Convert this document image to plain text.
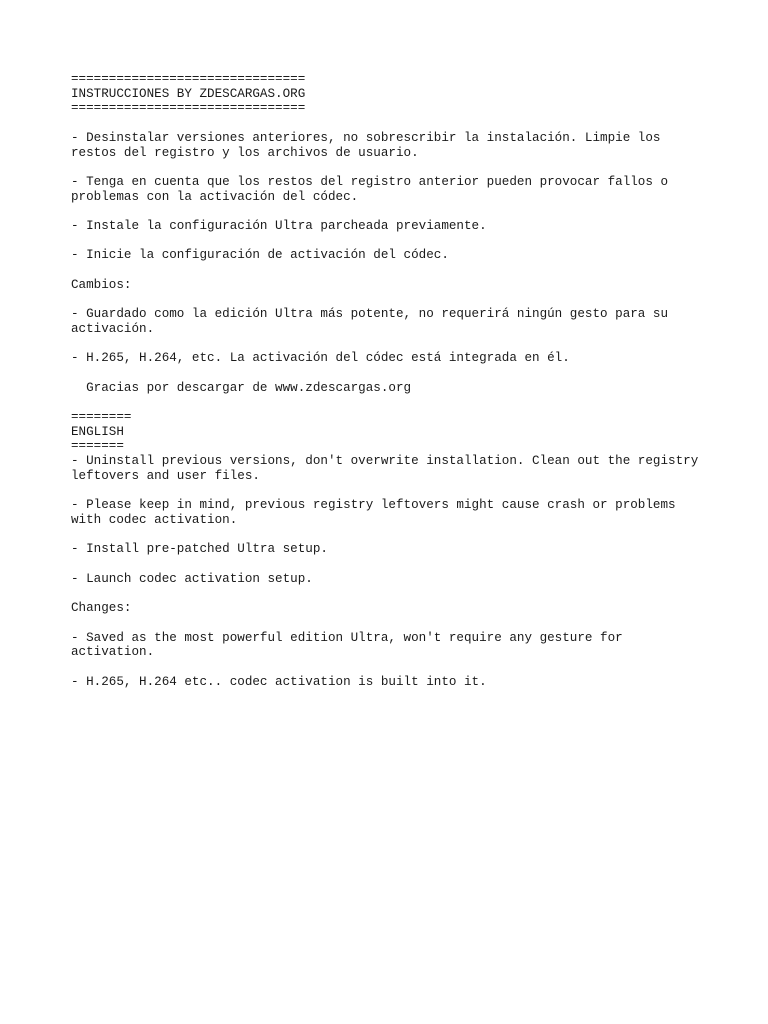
===============================
INSTRUCCIONES BY ZDESCARGAS.ORG
===============================
- Desinstalar versiones anteriores, no sobrescribir la instalación. Limpie los
restos del registro y los archivos de usuario.
- Tenga en cuenta que los restos del registro anterior pueden provocar fallos o
problemas con la activación del códec.
- Instale la configuración Ultra parcheada previamente.
- Inicie la configuración de activación del códec.
Cambios:
- Guardado como la edición Ultra más potente, no requerirá ningún gesto para su
activación.
- H.265, H.264, etc. La activación del códec está integrada en él.
Gracias por descargar de www.zdescargas.org
========
ENGLISH
=======
- Uninstall previous versions, don't overwrite installation. Clean out the registry
leftovers and user files.
- Please keep in mind, previous registry leftovers might cause crash or problems
with codec activation.
- Install pre-patched Ultra setup.
- Launch codec activation setup.
Changes:
- Saved as the most powerful edition Ultra, won't require any gesture for
activation.
- H.265, H.264 etc.. codec activation is built into it.
